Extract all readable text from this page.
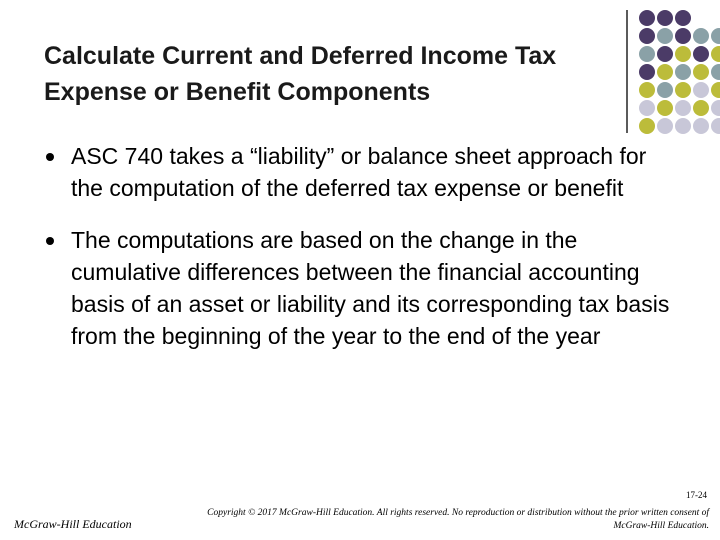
Calculate Current and Deferred Income Tax Expense or Benefit Components
ASC 740 takes a “liability” or balance sheet approach for the computation of the deferred tax expense or benefit
The computations are based on the change in the cumulative differences between the financial accounting basis of an asset or liability and its corresponding tax basis from the beginning of the year to the end of the year
17-24
McGraw-Hill Education
Copyright © 2017 McGraw-Hill Education. All rights reserved. No reproduction or distribution without the prior written consent of McGraw-Hill Education.
